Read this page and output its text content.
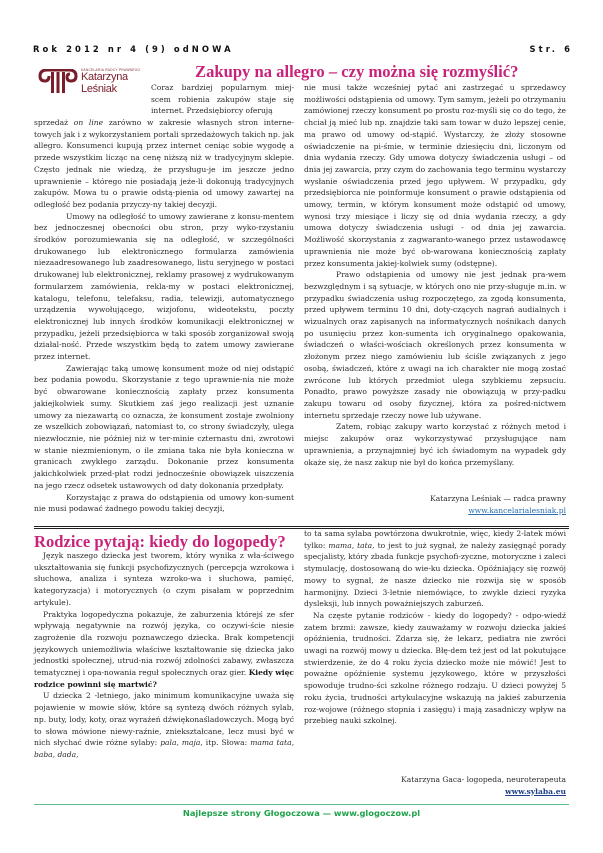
Rok 2012 nr 4 (9) odNOWA	Str. 6
KANCELARIA RADCY PRAWNEGO
Katarzyna
Leśniak
Zakupy na allegro – czy można się rozmyślić?

Coraz bardziej popularnym miej-scem robienia zakupów staje się internet. Przedsiębiorcy oferują

sprzedaż on line zarówno w zakresie własnych stron interne-towych jak i z wykorzystaniem portali sprzedażowych takich np. jak allegro. Konsumenci kupują przez internet ceniąc sobie wygodę a przede wszystkim licząc na cenę niższą niż w tradycyjnym sklepie. Często jednak nie wiedzą, że przysługu-je im jeszcze jedno uprawnienie – którego nie posiadają jeże-li dokonują tradycyjnych zakupów. Mowa tu o prawie odstą-pienia od umowy zawartej na odległość bez podania przyczy-ny takiej decyzji.

Umowy na odległość to umowy zawierane z konsu-mentem bez jednoczesnej obecności obu stron, przy wyko-rzystaniu środków porozumiewania się na odległość, w szczególności drukowanego lub elektronicznego formularza zamówienia niezaadresowanego lub zaadresowanego, listu seryjnego w postaci drukowanej lub elektronicznej, reklamy prasowej z wydrukowanym formularzem zamówienia, rekla-my w postaci elektronicznej, katalogu, telefonu, telefaksu, radia, telewizji, automatycznego urządzenia wywołującego, wizjofonu, wideotekstu, poczty elektronicznej lub innych środków komunikacji elektronicznej w przypadku, jeżeli przedsiębiorca w taki sposób zorganizował swoją działal-ność. Przede wszystkim będą to zatem umowy zawierane przez internet.

Zawierając taką umowę konsument może od niej odstąpić bez podania powodu. Skorzystanie z tego uprawnie-nia nie może być obwarowane koniecznością zapłaty przez konsumenta jakiejkolwiek sumy. Skutkiem zaś jego realizacji jest uznanie umowy za niezawartą co oznacza, że konsument zostaje zwolniony ze wszelkich zobowiązań, natomiast to, co strony świadczyły, ulega niezwłocznie, nie później niż w ter-minie czternastu dni, zwrotowi w stanie niezmienionym, o ile zmiana taka nie była konieczna w granicach zwykłego zarządu. Dokonanie przez konsumenta jakichkolwiek przed-płat rodzi jednocześnie obowiązek uiszczenia na jego rzecz odsetek ustawowych od daty dokonania przedpłaty.

Korzystając z prawa do odstąpienia od umowy kon-sument nie musi podawać żadnego powodu takiej decyzji,

nie musi także wcześniej pytać ani zastrzegać u sprzedawcy możliwości odstąpienia od umowy. Tym samym, jeżeli po otrzymaniu zamówionej rzeczy konsument po prostu roz-myśli się co do tego, że chciał ją mieć lub np. znajdzie taki sam towar w dużo lepszej cenie, ma prawo od umowy od-stąpić. Wystarczy, że złoży stosowne oświadczenie na pi-śmie, w terminie dziesięciu dni, liczonym od dnia wydania rzeczy. Gdy umowa dotyczy świadczenia usługi – od dnia jej zawarcia, przy czym do zachowania tego terminu wystarczy wysłanie oświadczenia przed jego upływem. W przypadku, gdy przedsiębiorca nie poinformuje konsument o prawie odstąpienia od umowy, termin, w którym konsument może odstąpić od umowy, wynosi trzy miesiące i liczy się od dnia wydania rzeczy, a gdy umowa dotyczy świadczenia usługi - od dnia jej zawarcia. Możliwość skorzystania z zagwaranto-wanego przez ustawodawcę uprawnienia nie może być ob-warowana koniecznością zapłaty przez konsumenta jakiej-kolwiek sumy (odstępne).

Prawo odstąpienia od umowy nie jest jednak pra-wem bezwzględnym i są sytuacje, w których ono nie przy-sługuje m.in. w przypadku świadczenia usług rozpoczętego, za zgodą konsumenta, przed upływem terminu 10 dni, doty-czących nagrań audialnych i wizualnych oraz zapisanych na informatycznych nośnikach danych po usunięciu przez kon-sumenta ich oryginalnego opakowania, świadczeń o właści-wościach określonych przez konsumenta w złożonym przez niego zamówieniu lub ściśle związanych z jego osobą, świadczeń, które z uwagi na ich charakter nie mogą zostać zwrócone lub których przedmiot ulega szybkiemu zepsuciu. Ponadto, prawo powyższe zasady nie obowiązują w przy-padku zakupu towaru od osoby fizycznej, która za pośred-nictwem internetu sprzedaje rzeczy nowe lub używane.

Zatem, robiąc zakupy warto korzystać z różnych metod i miejsc zakupów oraz wykorzystywać przysługujące nam uprawnienia, a przynajmniej być ich świadomym na wypadek gdy okaże się, że nasz zakup nie był do końca przemyślany.

Katarzyna Leśniak — radca prawny
www.kancelarialesniak.pl
Rodzice pytają: kiedy do logopedy?

Język naszego dziecka jest tworem, który wynika z wła-ściwego ukształtowania się funkcji psychofizycznych (percepcja wzrokowa i słuchowa, analiza i synteza wzroko-wa i słuchowa, pamięć, kategoryzacja) i motorycznych (o czym pisałam w poprzednim artykule).

Praktyka logopedyczna pokazuje, że zaburzenia którejś ze sfer wpływają negatywnie na rozwój języka, co oczywi-ście niesie zagrożenie dla rozwoju poznawczego dziecka. Brak kompetencji językowych uniemożliwia właściwe kształtowanie się dziecka jako jednostki społecznej, utrud-nia rozwój zdolności zabawy, zwłaszcza tematycznej i opa-nowania reguł społecznych oraz gier. Kiedy więc rodzice powinni się martwić?

U dziecka 2 -letniego, jako minimum komunikacyjne uważa się pojawienie w mowie słów, które są syntezą dwóch różnych sylab, np. buty, lody, koty, oraz wyrażeń dźwiękonaśladowczych. Mogą być to słowa mówione niewy-raźnie, zniekształcane, lecz musi być w nich słychać dwie różne sylaby: pala, maja, itp. Słowa: mama tata, baba, dada,

to ta sama sylaba powtórzona dwukrotnie, więc, kiedy 2-latek mówi tylko: mama, tata, to jest to już sygnał, że należy zasięgnąć porady specjalisty, który zbada funkcje psychofi-zyczne, motoryczne i zaleci stymulację, dostosowaną do wie-ku dziecka. Opóźniający się rozwój mowy to sygnał, że nasze dziecko nie rozwija się w sposób harmonijny. Dzieci 3-letnie niemówiące, to zwykle dzieci ryzyka dysleksji, lub innych poważniejszych zaburzeń.

Na częste pytanie rodziców - kiedy do logopedy? - odpo-wiedź zatem brzmi: zawsze, kiedy zauważamy w rozwoju dziecka jakieś opóźnienia, trudności. Zdarza się, że lekarz, pediatra nie zwróci uwagi na rozwój mowy u dziecka. Błę-dem też jest od lat pokutujące stwierdzenie, że do 4 roku życia dziecko może nie mówić! Jest to poważne opóźnienie systemu językowego, które w przyszłości spowoduje trudno-ści szkolne różnego rodzaju. U dzieci powyżej 5 roku życia, trudności artykulacyjne wskazują na jakieś zaburzenia roz-wojowe (różnego stopnia i zasięgu) i mają zasadniczy wpływ na przebieg nauki szkolnej.

Katarzyna Gaca- logopeda, neuroterapeuta
www.sylaba.eu
Najlepsze strony Głogoczowa — www.glogoczow.pl
